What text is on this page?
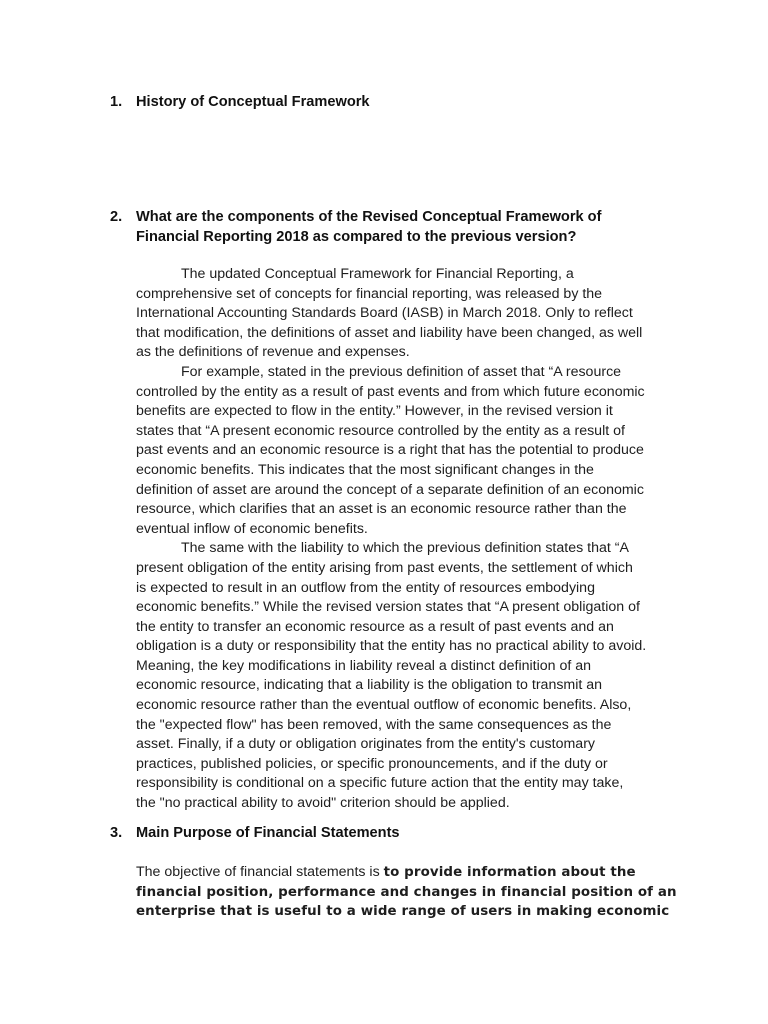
1. History of Conceptual Framework
2. What are the components of the Revised Conceptual Framework of
Financial Reporting 2018 as compared to the previous version?
The updated Conceptual Framework for Financial Reporting, a
comprehensive set of concepts for financial reporting, was released by the
International Accounting Standards Board (IASB) in March 2018. Only to reflect
that modification, the definitions of asset and liability have been changed, as well
as the definitions of revenue and expenses.
For example, stated in the previous definition of asset that “A resource
controlled by the entity as a result of past events and from which future economic
benefits are expected to flow in the entity.” However, in the revised version it
states that “A present economic resource controlled by the entity as a result of
past events and an economic resource is a right that has the potential to produce
economic benefits. This indicates that the most significant changes in the
definition of asset are around the concept of a separate definition of an economic
resource, which clarifies that an asset is an economic resource rather than the
eventual inflow of economic benefits.
The same with the liability to which the previous definition states that “A
present obligation of the entity arising from past events, the settlement of which
is expected to result in an outflow from the entity of resources embodying
economic benefits.” While the revised version states that “A present obligation of
the entity to transfer an economic resource as a result of past events and an
obligation is a duty or responsibility that the entity has no practical ability to avoid.
Meaning, the key modifications in liability reveal a distinct definition of an
economic resource, indicating that a liability is the obligation to transmit an
economic resource rather than the eventual outflow of economic benefits. Also,
the "expected flow" has been removed, with the same consequences as the
asset. Finally, if a duty or obligation originates from the entity's customary
practices, published policies, or specific pronouncements, and if the duty or
responsibility is conditional on a specific future action that the entity may take,
the "no practical ability to avoid" criterion should be applied.
3. Main Purpose of Financial Statements
The objective of financial statements is to provide information about the
financial position, performance and changes in financial position of an
enterprise that is useful to a wide range of users in making economic
